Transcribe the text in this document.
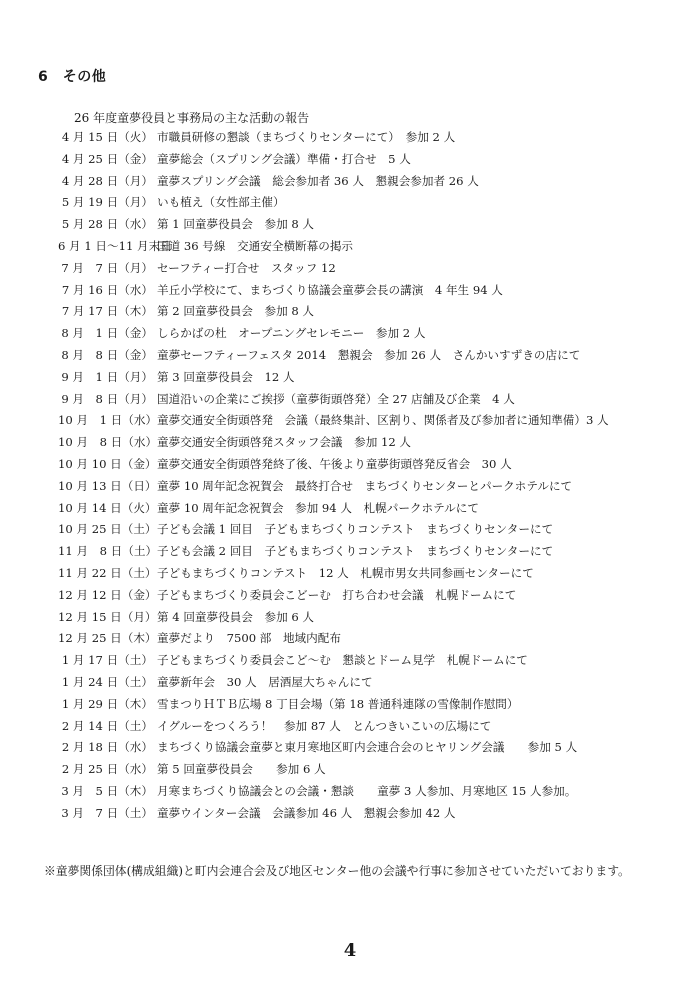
6　その他
26 年度童夢役員と事務局の主な活動の報告
4 月 15 日（火） 市職員研修の懇談（まちづくりセンターにて）　参加 2 人
4 月 25 日（金） 童夢総会（スプリング会議）準備・打合せ　5 人
4 月 28 日（月） 童夢スプリング会議　総会参加者 36 人　懇親会参加者 26 人
5 月 19 日（月） いも植え（女性部主催）
5 月 28 日（水） 第 1 回童夢役員会　参加 8 人
6 月 1 日〜11 月末日
国道 36 号線　交通安全横断幕の掲示
7 月　7 日（月） セーフティー打合せ　スタッフ 12
7 月 16 日（水） 羊丘小学校にて、まちづくり協議会童夢会長の講演　4 年生 94 人
7 月 17 日（木） 第 2 回童夢役員会　参加 8 人
8 月　1 日（金） しらかばの杜　オープニングセレモニー　参加 2 人
8 月　8 日（金） 童夢セーフティーフェスタ 2014　懇親会　参加 26 人　さんかいすずきの店にて
9 月　1 日（月） 第 3 回童夢役員会　12 人
9 月　8 日（月） 国道沿いの企業にご挨拶（童夢街頭啓発）全 27 店舗及び企業　4 人
10 月　1 日（水） 童夢交通安全街頭啓発　会議（最終集計、区割り、関係者及び参加者に通知準備）3 人
10 月　8 日（水） 童夢交通安全街頭啓発スタッフ会議　参加 12 人
10 月 10 日（金） 童夢交通安全街頭啓発終了後、午後より童夢街頭啓発反省会　30 人
10 月 13 日（日） 童夢 10 周年記念祝賀会　最終打合せ　まちづくりセンターとパークホテルにて
10 月 14 日（火） 童夢 10 周年記念祝賀会　参加 94 人　札幌パークホテルにて
10 月 25 日（土） 子ども会議 1 回目　子どもまちづくりコンテスト　まちづくりセンターにて
11 月　8 日（土） 子ども会議 2 回目　子どもまちづくりコンテスト　まちづくりセンターにて
11 月 22 日（土） 子どもまちづくりコンテスト　12 人　札幌市男女共同参画センターにて
12 月 12 日（金） 子どもまちづくり委員会こどーむ　打ち合わせ会議　札幌ドームにて
12 月 15 日（月） 第 4 回童夢役員会　参加 6 人
12 月 25 日（木） 童夢だより　7500 部　地域内配布
1 月 17 日（土） 子どもまちづくり委員会こど〜む　懇談とドーム見学　札幌ドームにて
1 月 24 日（土） 童夢新年会　30 人　居酒屋大ちゃんにて
1 月 29 日（木） 雪まつりＨＴＢ広場 8 丁目会場（第 18 普通科連隊の雪像制作慰問）
2 月 14 日（土） イグルーをつくろう！　参加 87 人　とんつきいこいの広場にて
2 月 18 日（水） まちづくり協議会童夢と東月寒地区町内会連合会のヒヤリング会議　　参加 5 人
2 月 25 日（水） 第 5 回童夢役員会　　参加 6 人
3 月　5 日（木） 月寒まちづくり協議会との会議・懇談　　童夢 3 人参加、月寒地区 15 人参加。
3 月　7 日（土） 童夢ウインター会議　会議参加 46 人　懇親会参加 42 人
※童夢関係団体(構成組織)と町内会連合会及び地区センター他の会議や行事に参加させていただいております。
4
